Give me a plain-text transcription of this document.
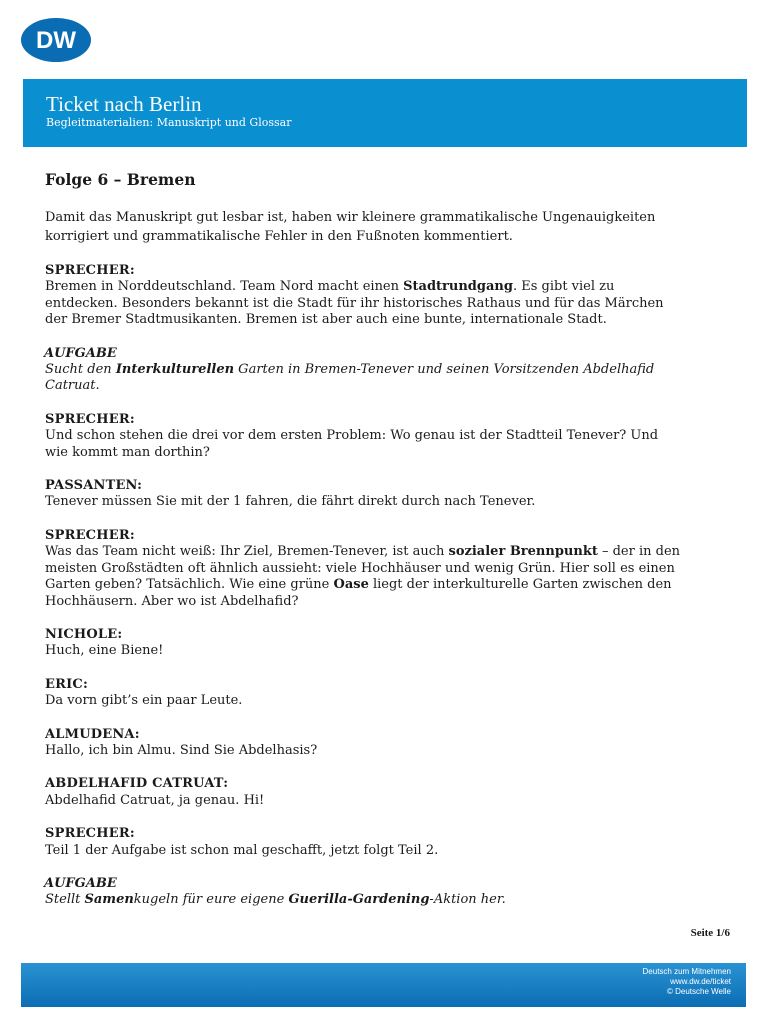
DW
Ticket nach Berlin
Begleitmaterialien: Manuskript und Glossar
Folge 6 – Bremen

Damit das Manuskript gut lesbar ist, haben wir kleinere grammatikalische Ungenauigkeiten korrigiert und grammatikalische Fehler in den Fußnoten kommentiert.

SPRECHER:

Bremen in Norddeutschland. Team Nord macht einen Stadtrundgang. Es gibt viel zu entdecken. Besonders bekannt ist die Stadt für ihr historisches Rathaus und für das Märchen der Bremer Stadtmusikanten. Bremen ist aber auch eine bunte, internationale Stadt.

AUFGABE

Sucht den Interkulturellen Garten in Bremen-Tenever und seinen Vorsitzenden Abdelhafid Catruat.

SPRECHER:

Und schon stehen die drei vor dem ersten Problem: Wo genau ist der Stadtteil Tenever? Und wie kommt man dorthin?

PASSANTEN:

Tenever müssen Sie mit der 1 fahren, die fährt direkt durch nach Tenever.

SPRECHER:

Was das Team nicht weiß: Ihr Ziel, Bremen-Tenever, ist auch sozialer Brennpunkt – der in den meisten Großstädten oft ähnlich aussieht: viele Hochhäuser und wenig Grün. Hier soll es einen Garten geben? Tatsächlich. Wie eine grüne Oase liegt der interkulturelle Garten zwischen den Hochhäusern. Aber wo ist Abdelhafid?

NICHOLE:

Huch, eine Biene!

ERIC:

Da vorn gibt’s ein paar Leute.

ALMUDENA:

Hallo, ich bin Almu. Sind Sie Abdelhasis?

ABDELHAFID CATRUAT:

Abdelhafid Catruat, ja genau. Hi!

SPRECHER:

Teil 1 der Aufgabe ist schon mal geschafft, jetzt folgt Teil 2.

AUFGABE

Stellt Samenkugeln für eure eigene Guerilla-Gardening-Aktion her.

Seite 1/6
Deutsch zum Mitnehmen
www.dw.de/ticket
© Deutsche Welle
